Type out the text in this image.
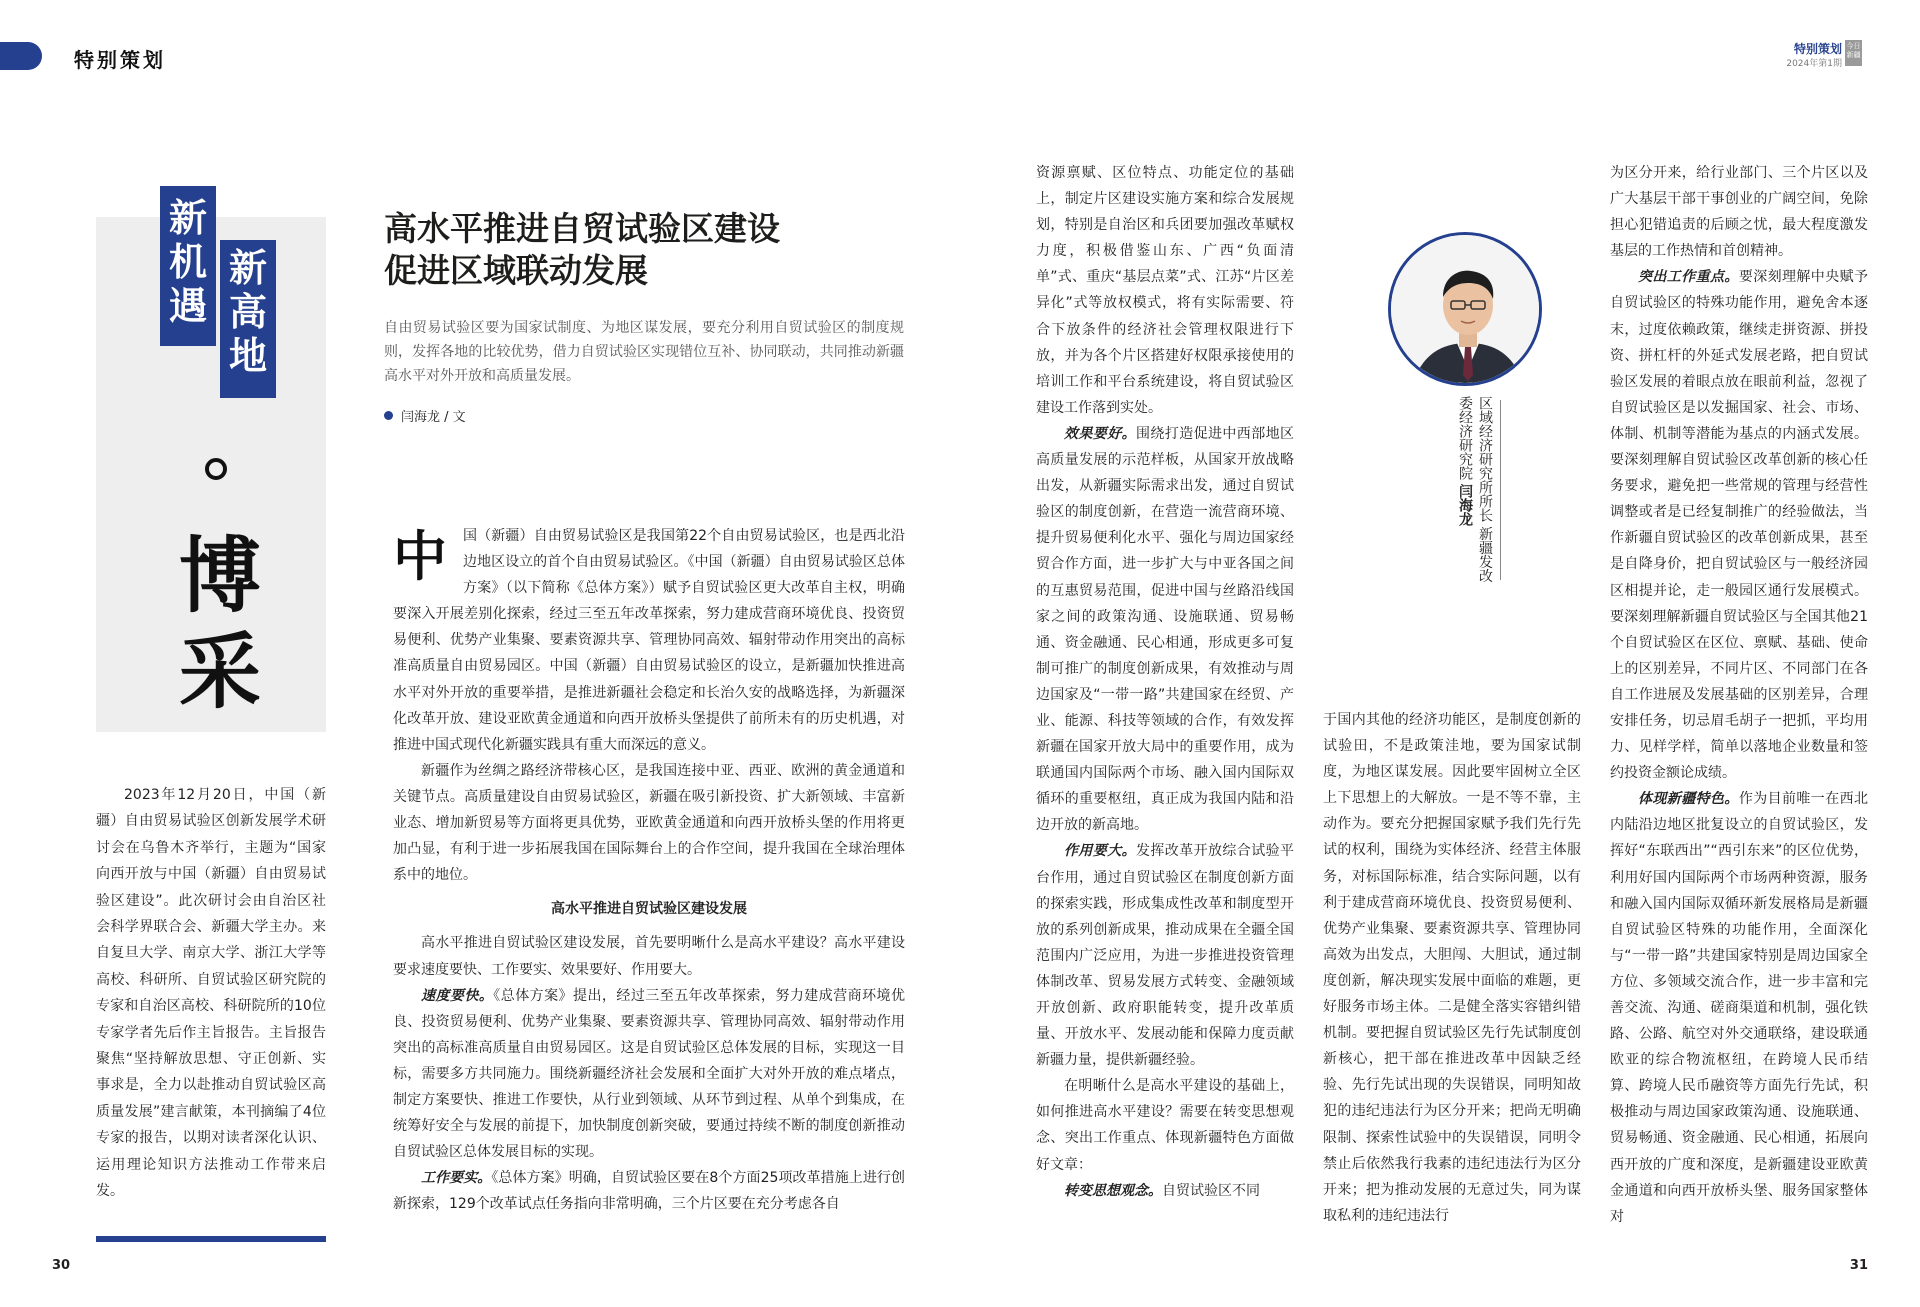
特别策划	特别策划
2024年第1期
今日新疆
新机遇
新高地
博采
2023年12月20日，中国（新疆）自由贸易试验区创新发展学术研讨会在乌鲁木齐举行，主题为“国家向西开放与中国（新疆）自由贸易试验区建设”。此次研讨会由自治区社会科学界联合会、新疆大学主办。来自复旦大学、南京大学、浙江大学等高校、科研所、自贸试验区研究院的专家和自治区高校、科研院所的10位专家学者先后作主旨报告。主旨报告聚焦“坚持解放思想、守正创新、实事求是，全力以赴推动自贸试验区高质量发展”建言献策，本刊摘编了4位专家的报告，以期对读者深化认识、运用理论知识方法推动工作带来启发。
高水平推进自贸试验区建设
促进区域联动发展
自由贸易试验区要为国家试制度、为地区谋发展，要充分利用自贸试验区的制度规则，发挥各地的比较优势，借力自贸试验区实现错位互补、协同联动，共同推动新疆高水平对外开放和高质量发展。
闫海龙 / 文
中	国（新疆）自由贸易试验区是我国第22个自由贸易试验区，也是西北沿边地区设立的首个自由贸易试验区。《中国（新疆）自由贸易试验区总体方案》（以下简称《总体方案》）赋予自贸试验区更大改革自主权，明确要深入开展差别化探索，经过三至五年改革探索，努力建成营商环境优良、投资贸易便利、优势产业集聚、要素资源共享、管理协同高效、辐射带动作用突出的高标准高质量自由贸易园区。中国（新疆）自由贸易试验区的设立，是新疆加快推进高水平对外开放的重要举措，是推进新疆社会稳定和长治久安的战略选择，为新疆深化改革开放、建设亚欧黄金通道和向西开放桥头堡提供了前所未有的历史机遇，对推进中国式现代化新疆实践具有重大而深远的意义。

新疆作为丝绸之路经济带核心区，是我国连接中亚、西亚、欧洲的黄金通道和关键节点。高质量建设自由贸易试验区，新疆在吸引新投资、扩大新领域、丰富新业态、增加新贸易等方面将更具优势，亚欧黄金通道和向西开放桥头堡的作用将更加凸显，有利于进一步拓展我国在国际舞台上的合作空间，提升我国在全球治理体系中的地位。

高水平推进自贸试验区建设发展

高水平推进自贸试验区建设发展，首先要明晰什么是高水平建设？高水平建设要求速度要快、工作要实、效果要好、作用要大。

速度要快。《总体方案》提出，经过三至五年改革探索，努力建成营商环境优良、投资贸易便利、优势产业集聚、要素资源共享、管理协同高效、辐射带动作用突出的高标准高质量自由贸易园区。这是自贸试验区总体发展的目标，实现这一目标，需要多方共同施力。围绕新疆经济社会发展和全面扩大对外开放的难点堵点，制定方案要快、推进工作要快，从行业到领域、从环节到过程、从单个到集成，在统筹好安全与发展的前提下，加快制度创新突破，要通过持续不断的制度创新推动自贸试验区总体发展目标的实现。

工作要实。《总体方案》明确，自贸试验区要在8个方面25项改革措施上进行创新探索，129个改革试点任务指向非常明确，三个片区要在充分考虑各自

资源禀赋、区位特点、功能定位的基础上，制定片区建设实施方案和综合发展规划，特别是自治区和兵团要加强改革赋权力度，积极借鉴山东、广西“负面清单”式、重庆“基层点菜”式、江苏“片区差异化”式等放权模式，将有实际需要、符合下放条件的经济社会管理权限进行下放，并为各个片区搭建好权限承接使用的培训工作和平台系统建设，将自贸试验区建设工作落到实处。

效果要好。围绕打造促进中西部地区高质量发展的示范样板，从国家开放战略出发，从新疆实际需求出发，通过自贸试验区的制度创新，在营造一流营商环境、提升贸易便利化水平、强化与周边国家经贸合作方面，进一步扩大与中亚各国之间的互惠贸易范围，促进中国与丝路沿线国家之间的政策沟通、设施联通、贸易畅通、资金融通、民心相通，形成更多可复制可推广的制度创新成果，有效推动与周边国家及“一带一路”共建国家在经贸、产业、能源、科技等领域的合作，有效发挥新疆在国家开放大局中的重要作用，成为联通国内国际两个市场、融入国内国际双循环的重要枢纽，真正成为我国内陆和沿边开放的新高地。

作用要大。发挥改革开放综合试验平台作用，通过自贸试验区在制度创新方面的探索实践，形成集成性改革和制度型开放的系列创新成果，推动成果在全疆全国范围内广泛应用，为进一步推进投资管理体制改革、贸易发展方式转变、金融领域开放创新、政府职能转变，提升改革质量、开放水平、发展动能和保障力度贡献新疆力量，提供新疆经验。

在明晰什么是高水平建设的基础上，如何推进高水平建设？需要在转变思想观念、突出工作重点、体现新疆特色方面做好文章：

转变思想观念。自贸试验区不同

区域经济研究所所长 新疆发改委经济研究院 闫海龙

于国内其他的经济功能区，是制度创新的试验田，不是政策洼地，要为国家试制度，为地区谋发展。因此要牢固树立全区上下思想上的大解放。一是不等不靠，主动作为。要充分把握国家赋予我们先行先试的权利，围绕为实体经济、经营主体服务，对标国际标准，结合实际问题，以有利于建成营商环境优良、投资贸易便利、优势产业集聚、要素资源共享、管理协同高效为出发点，大胆闯、大胆试，通过制度创新，解决现实发展中面临的难题，更好服务市场主体。二是健全落实容错纠错机制。要把握自贸试验区先行先试制度创新核心，把干部在推进改革中因缺乏经验、先行先试出现的失误错误，同明知故犯的违纪违法行为区分开来；把尚无明确限制、探索性试验中的失误错误，同明令禁止后依然我行我素的违纪违法行为区分开来；把为推动发展的无意过失，同为谋取私利的违纪违法行

为区分开来，给行业部门、三个片区以及广大基层干部干事创业的广阔空间，免除担心犯错追责的后顾之忧，最大程度激发基层的工作热情和首创精神。

突出工作重点。要深刻理解中央赋予自贸试验区的特殊功能作用，避免舍本逐末，过度依赖政策，继续走拼资源、拼投资、拼杠杆的外延式发展老路，把自贸试验区发展的着眼点放在眼前利益，忽视了自贸试验区是以发掘国家、社会、市场、体制、机制等潜能为基点的内涵式发展。要深刻理解自贸试验区改革创新的核心任务要求，避免把一些常规的管理与经营性调整或者是已经复制推广的经验做法，当作新疆自贸试验区的改革创新成果，甚至是自降身价，把自贸试验区与一般经济园区相提并论，走一般园区通行发展模式。要深刻理解新疆自贸试验区与全国其他21个自贸试验区在区位、禀赋、基础、使命上的区别差异，不同片区、不同部门在各自工作进展及发展基础的区别差异，合理安排任务，切忌眉毛胡子一把抓，平均用力、见样学样，简单以落地企业数量和签约投资金额论成绩。

体现新疆特色。作为目前唯一在西北内陆沿边地区批复设立的自贸试验区，发挥好“东联西出”“西引东来”的区位优势，利用好国内国际两个市场两种资源，服务和融入国内国际双循环新发展格局是新疆自贸试验区特殊的功能作用，全面深化与“一带一路”共建国家特别是周边国家全方位、多领域交流合作，进一步丰富和完善交流、沟通、磋商渠道和机制，强化铁路、公路、航空对外交通联络，建设联通欧亚的综合物流枢纽，在跨境人民币结算、跨境人民币融资等方面先行先试，积极推动与周边国家政策沟通、设施联通、贸易畅通、资金融通、民心相通，拓展向西开放的广度和深度，是新疆建设亚欧黄金通道和向西开放桥头堡、服务国家整体对

30	31
